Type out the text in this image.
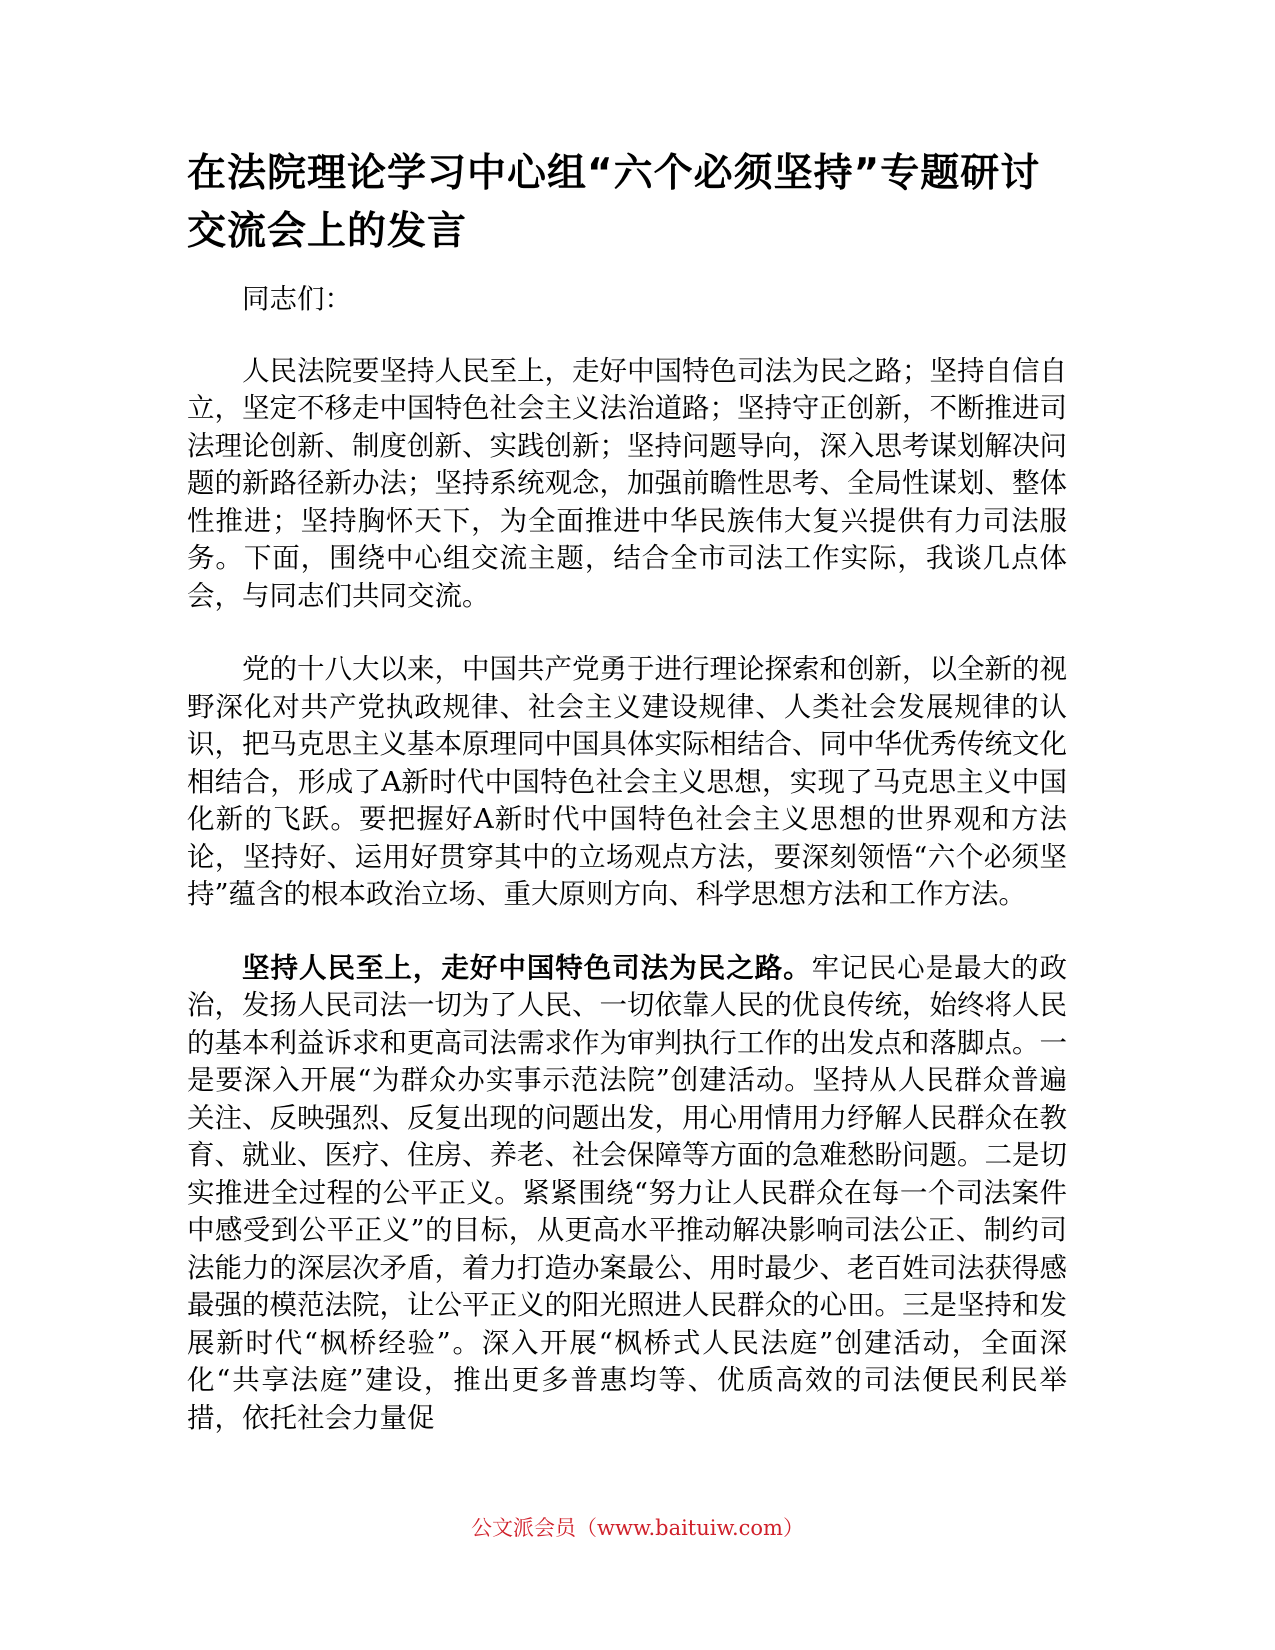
在法院理论学习中心组“六个必须坚持”专题研讨交流会上的发言

同志们：

人民法院要坚持人民至上，走好中国特色司法为民之路；坚持自信自立，坚定不移走中国特色社会主义法治道路；坚持守正创新，不断推进司法理论创新、制度创新、实践创新；坚持问题导向，深入思考谋划解决问题的新路径新办法；坚持系统观念，加强前瞻性思考、全局性谋划、整体性推进；坚持胸怀天下，为全面推进中华民族伟大复兴提供有力司法服务。下面，围绕中心组交流主题，结合全市司法工作实际，我谈几点体会，与同志们共同交流。

党的十八大以来，中国共产党勇于进行理论探索和创新，以全新的视野深化对共产党执政规律、社会主义建设规律、人类社会发展规律的认识，把马克思主义基本原理同中国具体实际相结合、同中华优秀传统文化相结合，形成了A新时代中国特色社会主义思想，实现了马克思主义中国化新的飞跃。要把握好A新时代中国特色社会主义思想的世界观和方法论，坚持好、运用好贯穿其中的立场观点方法，要深刻领悟“六个必须坚持”蕴含的根本政治立场、重大原则方向、科学思想方法和工作方法。

坚持人民至上，走好中国特色司法为民之路。牢记民心是最大的政治，发扬人民司法一切为了人民、一切依靠人民的优良传统，始终将人民的基本利益诉求和更高司法需求作为审判执行工作的出发点和落脚点。一是要深入开展“为群众办实事示范法院”创建活动。坚持从人民群众普遍关注、反映强烈、反复出现的问题出发，用心用情用力纾解人民群众在教育、就业、医疗、住房、养老、社会保障等方面的急难愁盼问题。二是切实推进全过程的公平正义。紧紧围绕“努力让人民群众在每一个司法案件中感受到公平正义”的目标，从更高水平推动解决影响司法公正、制约司法能力的深层次矛盾，着力打造办案最公、用时最少、老百姓司法获得感最强的模范法院，让公平正义的阳光照进人民群众的心田。三是坚持和发展新时代“枫桥经验”。深入开展“枫桥式人民法庭”创建活动，全面深化“共享法庭”建设，推出更多普惠均等、优质高效的司法便民利民举措，依托社会力量促

公文派会员（www.baituiw.com）
